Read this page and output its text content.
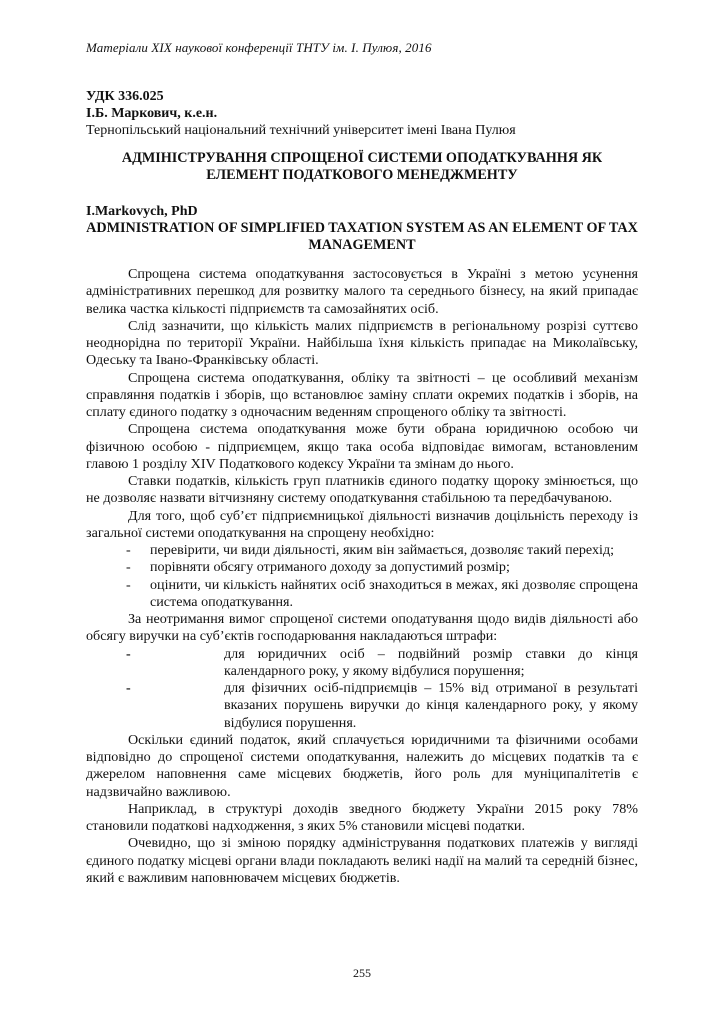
Матеріали XIX наукової конференції ТНТУ ім. І. Пулюя, 2016
УДК 336.025
І.Б. Маркович, к.е.н.
Тернопільський національний технічний університет імені Івана Пулюя
АДМІНІСТРУВАННЯ СПРОЩЕНОЇ СИСТЕМИ ОПОДАТКУВАННЯ ЯК ЕЛЕМЕНТ ПОДАТКОВОГО МЕНЕДЖМЕНТУ
I.Markovych, PhD
ADMINISTRATION OF SIMPLIFIED TAXATION SYSTEM AS AN ELEMENT OF TAX MANAGEMENT

Спрощена система оподаткування застосовується в Україні з метою усунення адміністративних перешкод для розвитку малого та середнього бізнесу, на який припадає велика частка кількості підприємств та самозайнятих осіб.

Слід зазначити, що кількість малих підприємств в регіональному розрізі суттєво неоднорідна по території України. Найбільша їхня кількість припадає на Миколаївську, Одеську та Івано-Франківську області.

Спрощена система оподаткування, обліку та звітності – це особливий механізм справляння податків і зборів, що встановлює заміну сплати окремих податків і зборів, на сплату єдиного податку з одночасним веденням спрощеного обліку та звітності.

Спрощена система оподаткування може бути обрана юридичною особою чи фізичною особою - підприємцем, якщо така особа відповідає вимогам, встановленим главою 1 розділу XIV Податкового кодексу України та змінам до нього.

Ставки податків, кількість груп платників єдиного податку щороку змінюється, що не дозволяє назвати вітчизняну систему оподаткування стабільною та передбачуваною.

Для того, щоб суб’єт підприємницької діяльності визначив доцільність переходу із загальної системи оподаткування на спрощену необхідно:

- перевірити, чи види діяльності, яким він займається, дозволяє такий перехід;
- порівняти обсягу отриманого доходу за допустимий розмір;
- оцінити, чи кількість найнятих осіб знаходиться в межах, які дозволяє спрощена система оподаткування.

За неотримання вимог спрощеної системи оподатування щодо видів діяльності або обсягу виручки на суб’єктів господарювання накладаються штрафи:

-	для юридичних осіб – подвійний розмір ставки до кінця календарного року, у якому відбулися порушення;
-	для фізичних осіб-підприємців – 15% від отриманої в результаті вказаних порушень виручки до кінця календарного року, у якому відбулися порушення.

Оскільки єдиний податок, який сплачується юридичними та фізичними особами відповідно до спрощеної системи оподаткування, належить до місцевих податків та є джерелом наповнення саме місцевих бюджетів, його роль для муніципалітетів є надзвичайно важливою.

Наприклад, в структурі доходів зведного бюджету України 2015 року 78% становили податкові надходження, з яких 5% становили місцеві податки.

Очевидно, що зі зміною порядку адміністрування податкових платежів у вигляді єдиного податку місцеві органи влади покладають великі надії на малий та середній бізнес, який є важливим наповнювачем місцевих бюджетів.

255
